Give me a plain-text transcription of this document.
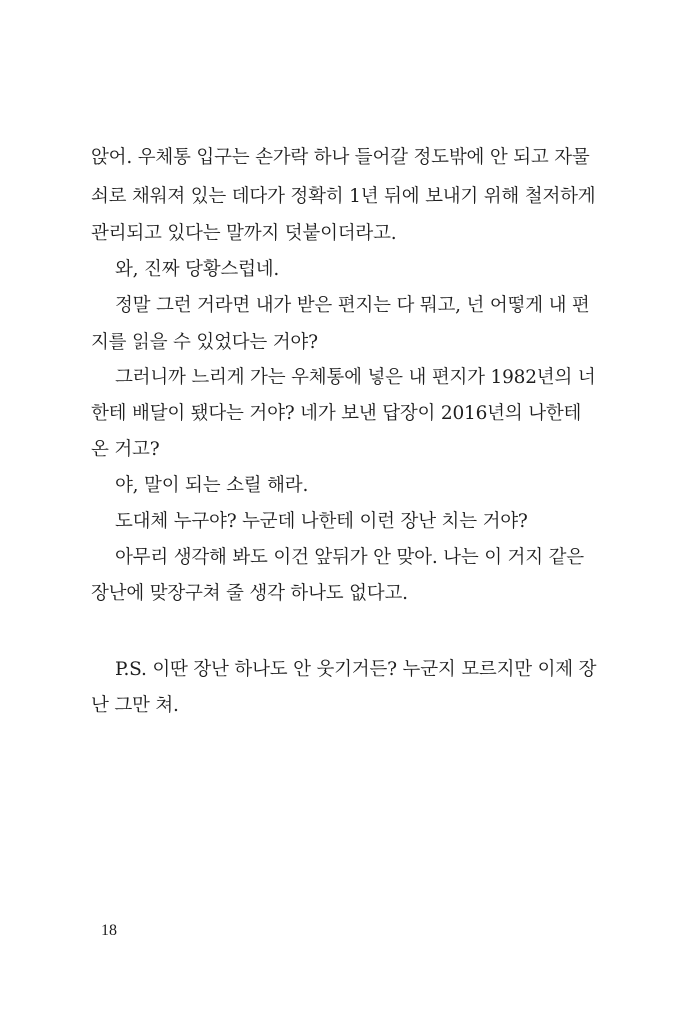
앉어. 우체통 입구는 손가락 하나 들어갈 정도밖에 안 되고 자물
쇠로 채워져 있는 데다가 정확히 1년 뒤에 보내기 위해 철저하게
관리되고 있다는 말까지 덧붙이더라고.
와, 진짜 당황스럽네.
정말 그런 거라면 내가 받은 편지는 다 뭐고, 넌 어떻게 내 편
지를 읽을 수 있었다는 거야?
그러니까 느리게 가는 우체통에 넣은 내 편지가 1982년의 너
한테 배달이 됐다는 거야? 네가 보낸 답장이 2016년의 나한테
온 거고?
야, 말이 되는 소릴 해라.
도대체 누구야? 누군데 나한테 이런 장난 치는 거야?
아무리 생각해 봐도 이건 앞뒤가 안 맞아. 나는 이 거지 같은
장난에 맞장구쳐 줄 생각 하나도 없다고.
P.S. 이딴 장난 하나도 안 웃기거든? 누군지 모르지만 이제 장
난 그만 쳐.
18
